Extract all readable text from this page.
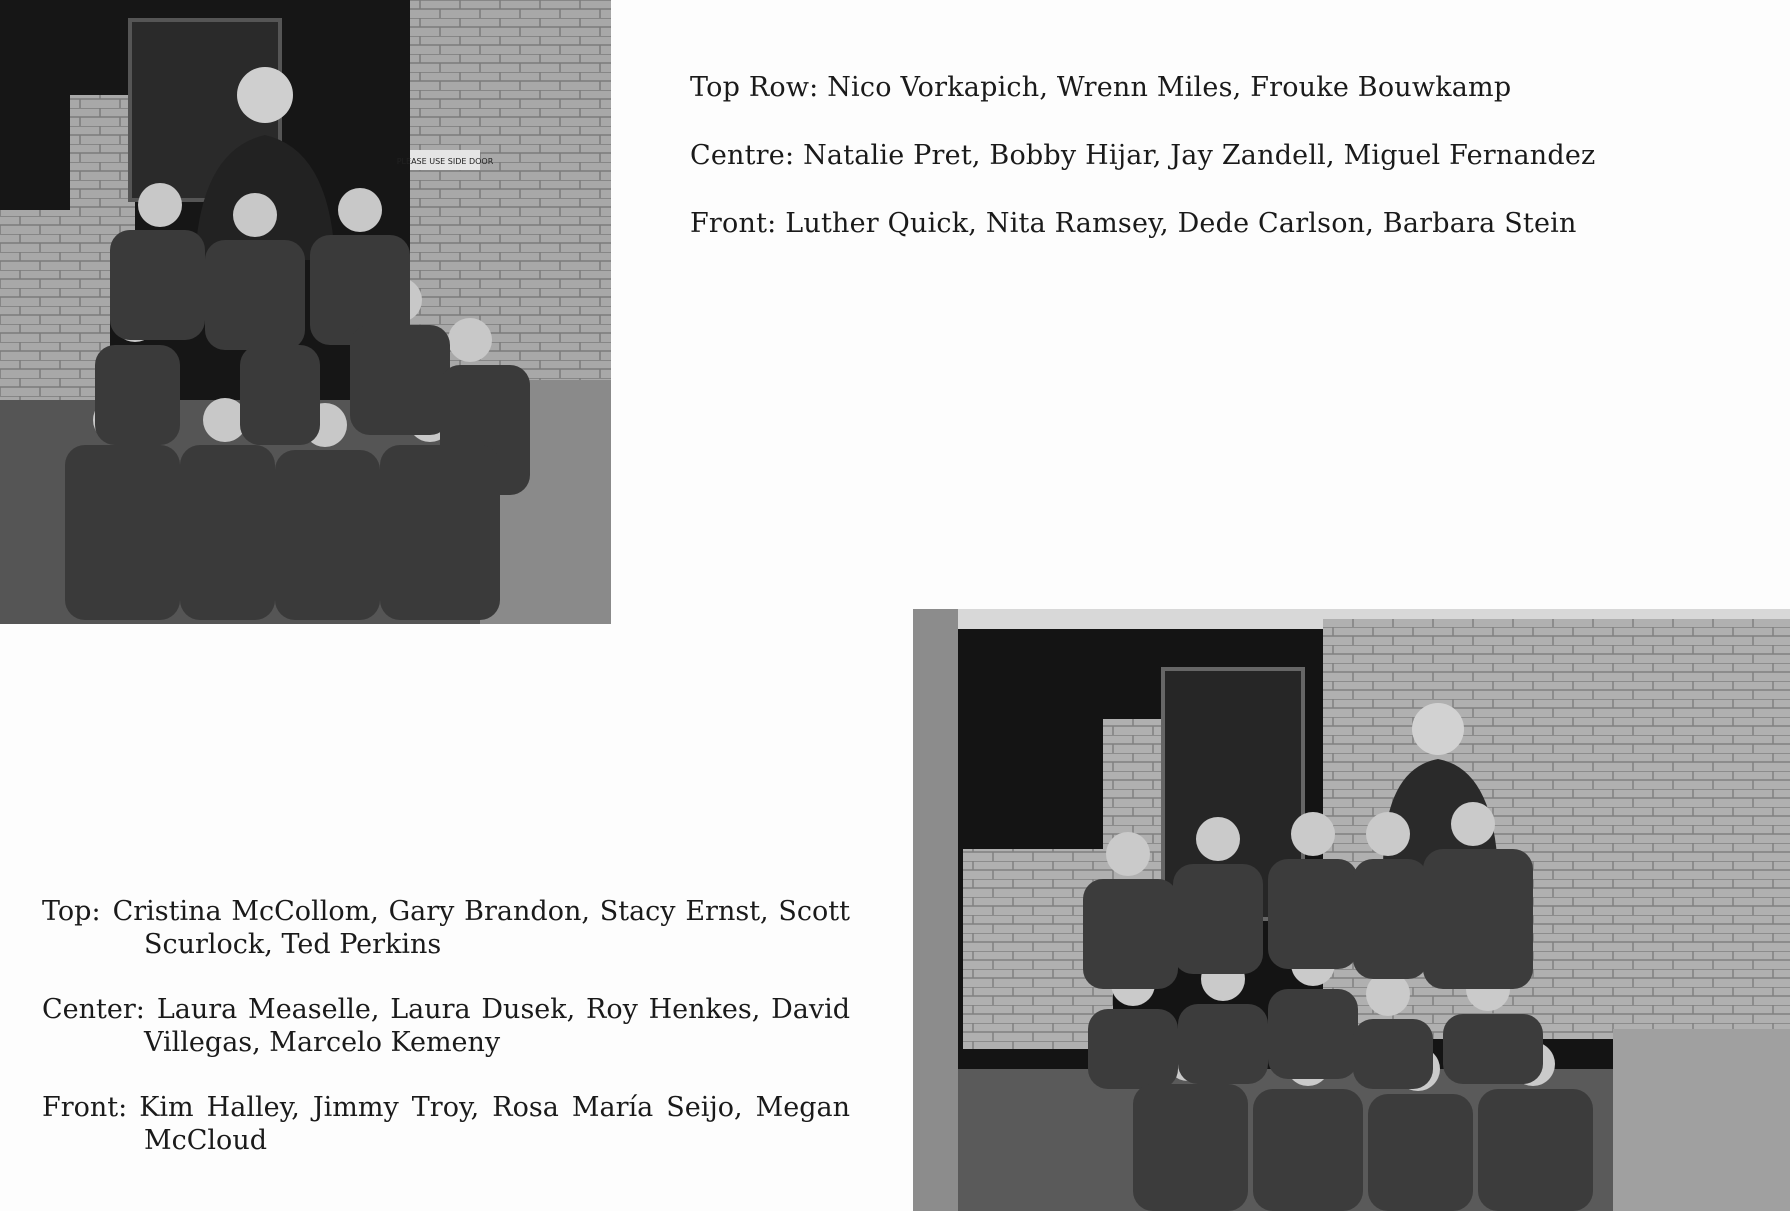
PLEASE USE SIDE DOOR
Top Row: Nico Vorkapich, Wrenn Miles, Frouke Bouwkamp
Centre: Natalie Pret, Bobby Hijar, Jay Zandell, Miguel Fernandez
Front: Luther Quick, Nita Ramsey, Dede Carlson, Barbara Stein
Top: Cristina McCollom, Gary Brandon, Stacy Ernst, Scott
Scurlock, Ted Perkins
Center: Laura Measelle, Laura Dusek, Roy Henkes, David
Villegas, Marcelo Kemeny
Front: Kim Halley, Jimmy Troy, Rosa María Seijo, Megan
McCloud
